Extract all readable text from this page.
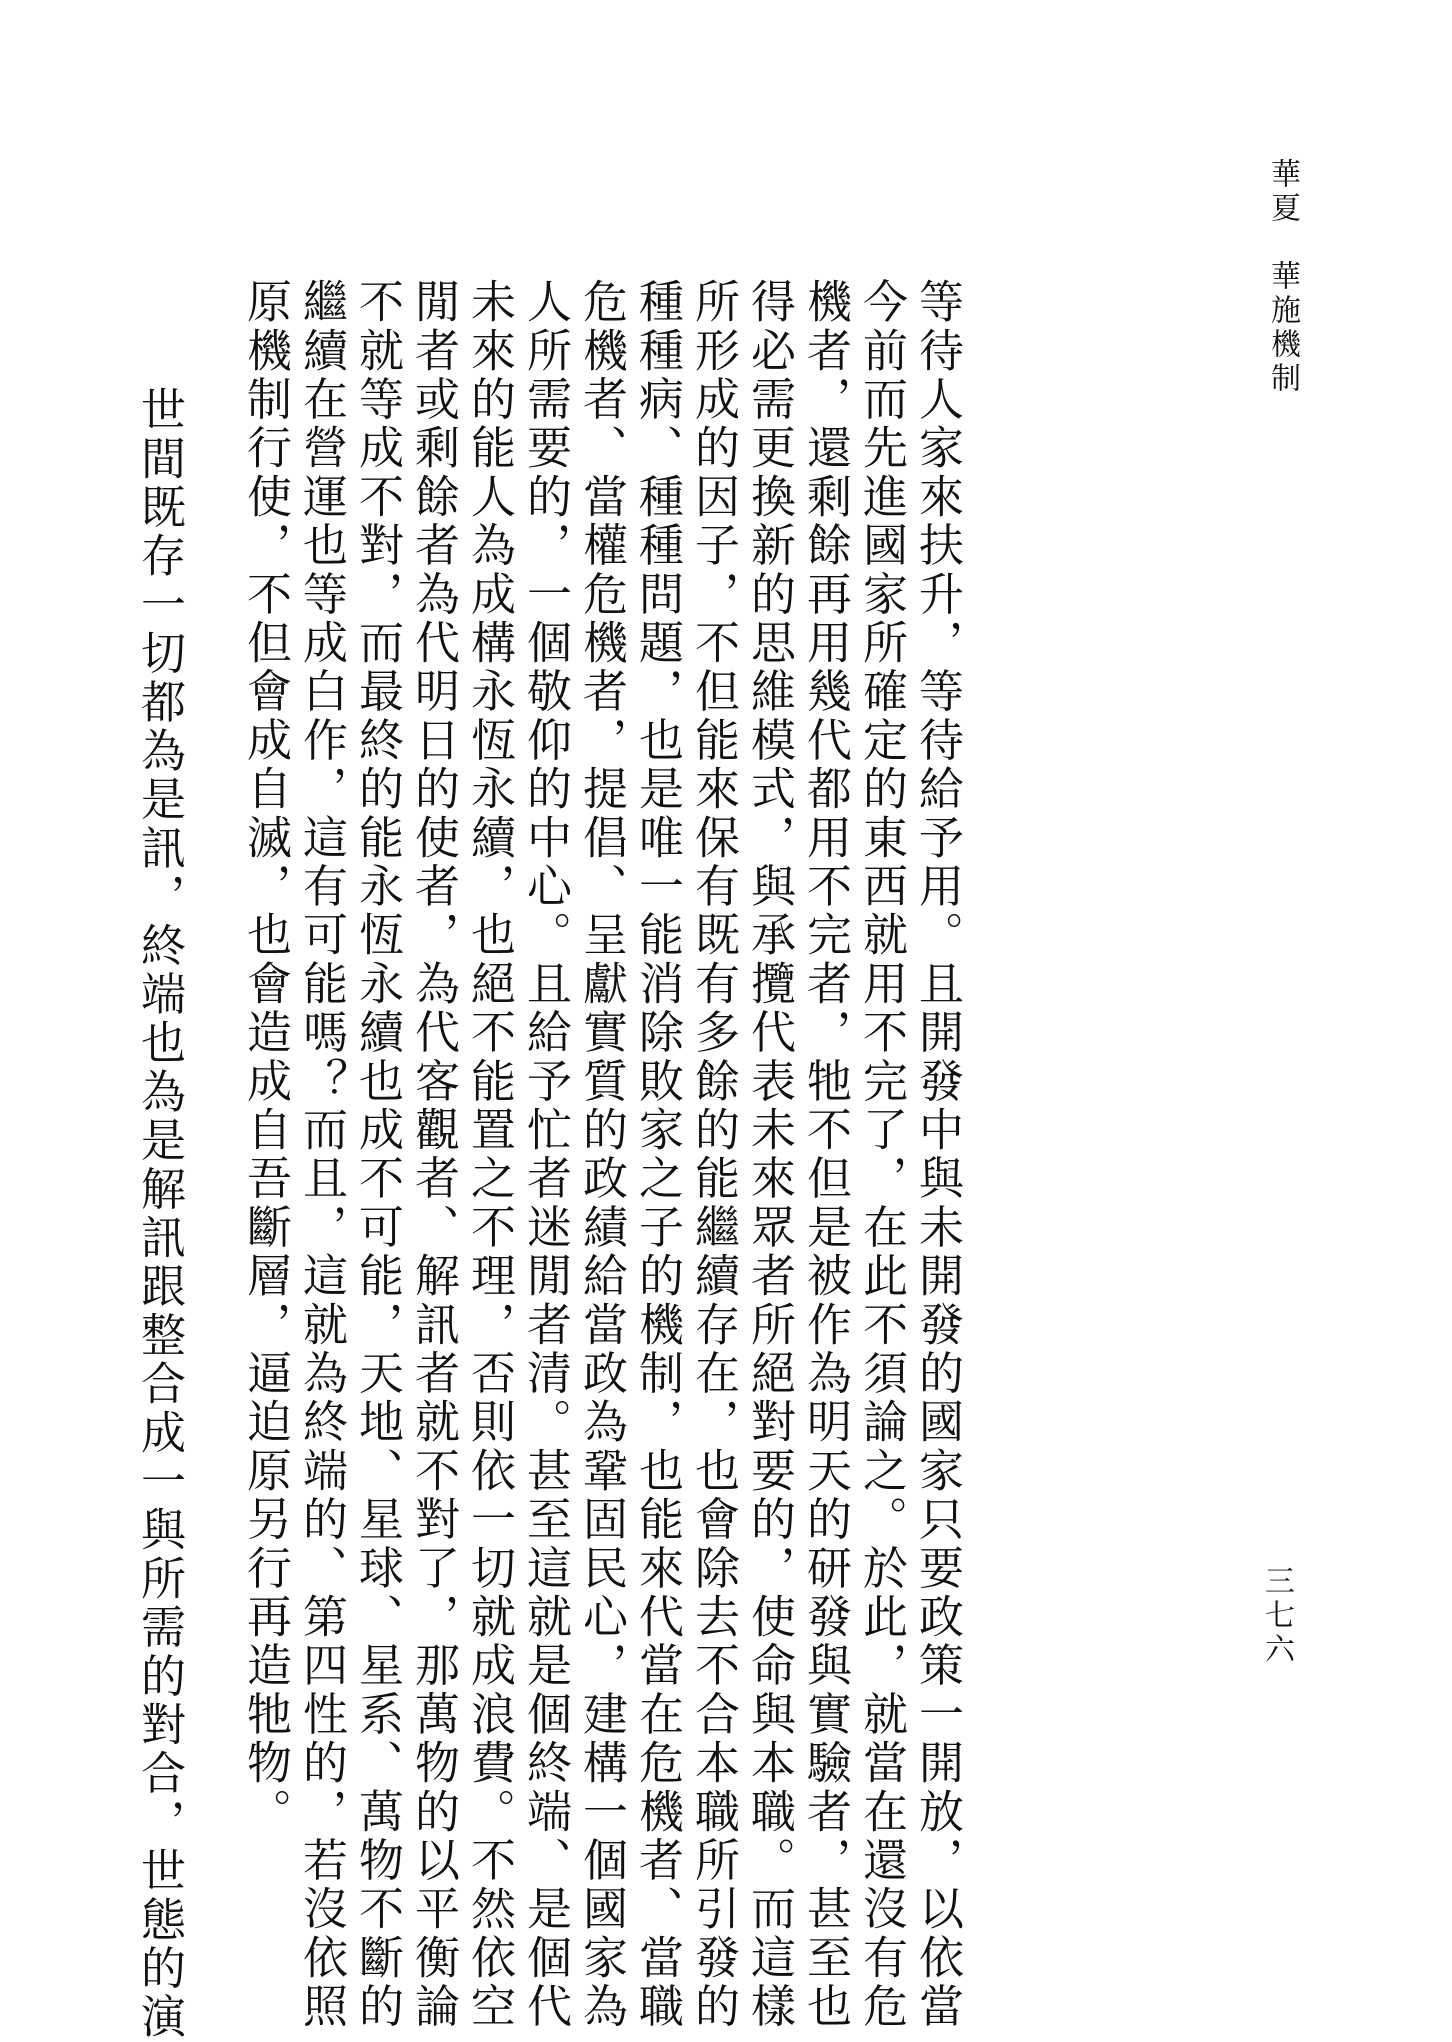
華夏　華施機制
等待人家來扶升，等待給予用。且開發中與未開發的國家只要政策一開放，以依當
今前而先進國家所確定的東西就用不完了，在此不須論之。於此，就當在還沒有危
機者，還剩餘再用幾代都用不完者，牠不但是被作為明天的研發與實驗者，甚至也
得必需更換新的思維模式，與承攬代表未來眾者所絕對要的，使命與本職。而這樣
所形成的因子，不但能來保有既有多餘的能繼續存在，也會除去不合本職所引發的
種種病、種種問題，也是唯一能消除敗家之子的機制，也能來代當在危機者、當職
危機者、當權危機者，提倡、呈獻實質的政績給當政為鞏固民心，建構一個國家為
人所需要的，一個敬仰的中心。且給予忙者迷閒者清。甚至這就是個終端、是個代
未來的能人為成構永恆永續，也絕不能置之不理，否則依一切就成浪費。不然依空
閒者或剩餘者為代明日的使者，為代客觀者、解訊者就不對了，那萬物的以平衡論
不就等成不對，而最終的能永恆永續也成不可能，天地、星球、星系、萬物不斷的
繼續在營運也等成白作，這有可能嗎？而且，這就為終端的、第四性的，若沒依照
原機制行使，不但會成自滅，也會造成自吾斷層，逼迫原另行再造牠物。
世間既存一切都為是訊，終端也為是解訊跟整合成一與所需的對合，世態的演	三七六
